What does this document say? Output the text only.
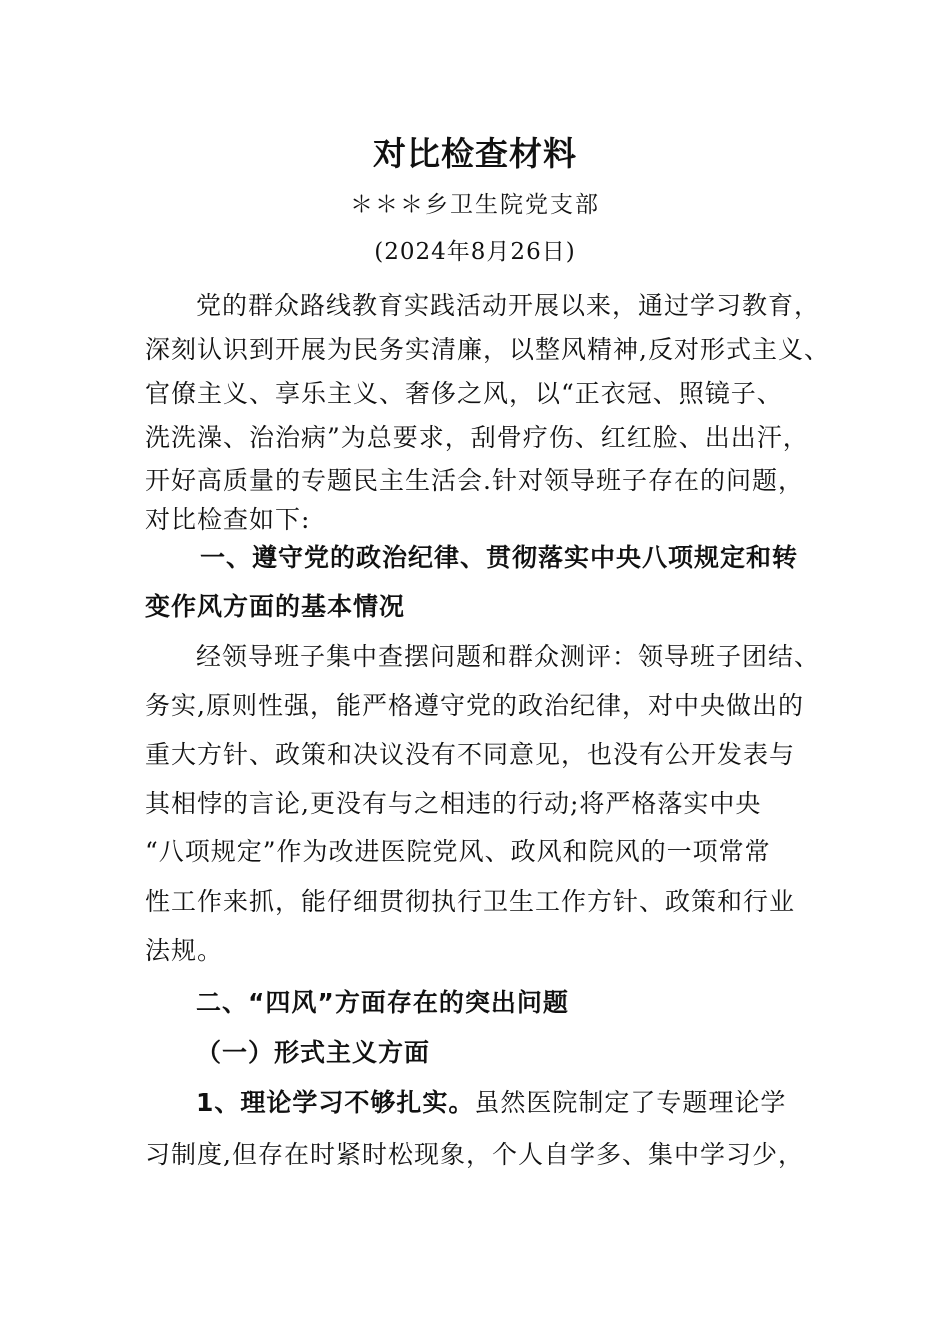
对比检查材料
＊＊＊乡卫生院党支部
(2024年8月26日)
党的群众路线教育实践活动开展以来，通过学习教育，
深刻认识到开展为民务实清廉，以整风精神,反对形式主义、
官僚主义、享乐主义、奢侈之风，以“正衣冠、照镜子、
洗洗澡、治治病”为总要求，刮骨疗伤、红红脸、出出汗，
开好高质量的专题民主生活会.针对领导班子存在的问题，
对比检查如下:
一、遵守党的政治纪律、贯彻落实中央八项规定和转
变作风方面的基本情况
经领导班子集中查摆问题和群众测评：领导班子团结、
务实,原则性强，能严格遵守党的政治纪律，对中央做出的
重大方针、政策和决议没有不同意见，也没有公开发表与
其相悖的言论,更没有与之相违的行动;将严格落实中央
“八项规定”作为改进医院党风、政风和院风的一项常常
性工作来抓，能仔细贯彻执行卫生工作方针、政策和行业
法规。
二、“四风”方面存在的突出问题
（一）形式主义方面
1、理论学习不够扎实。虽然医院制定了专题理论学
习制度,但存在时紧时松现象，个人自学多、集中学习少，
